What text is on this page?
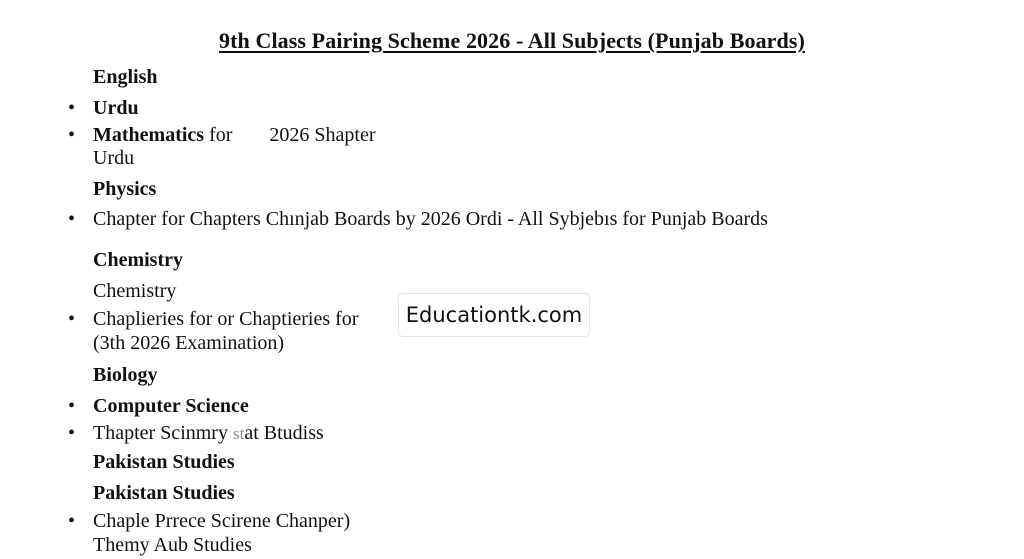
9th Class Pairing Scheme 2026 - All Subjects (Punjab Boards)
English
• Urdu
• Mathematics for 2026 Shapter
Urdu
Physics
• Chapter for Chapters Chınjab Boards by 2026 Ordi - All Sybjebıs for Punjab Boards
Chemistry
Chemistry
• Chaplieries for or Chaptieries for
(3th 2026 Examination)
Biology
• Computer Science
• Thapter Scinmry stat Btudiss
Pakistan Studies
Pakistan Studies
• Chaple Prrece Scirene Chanper)
Themy Aub Studies
Educationtk.com
